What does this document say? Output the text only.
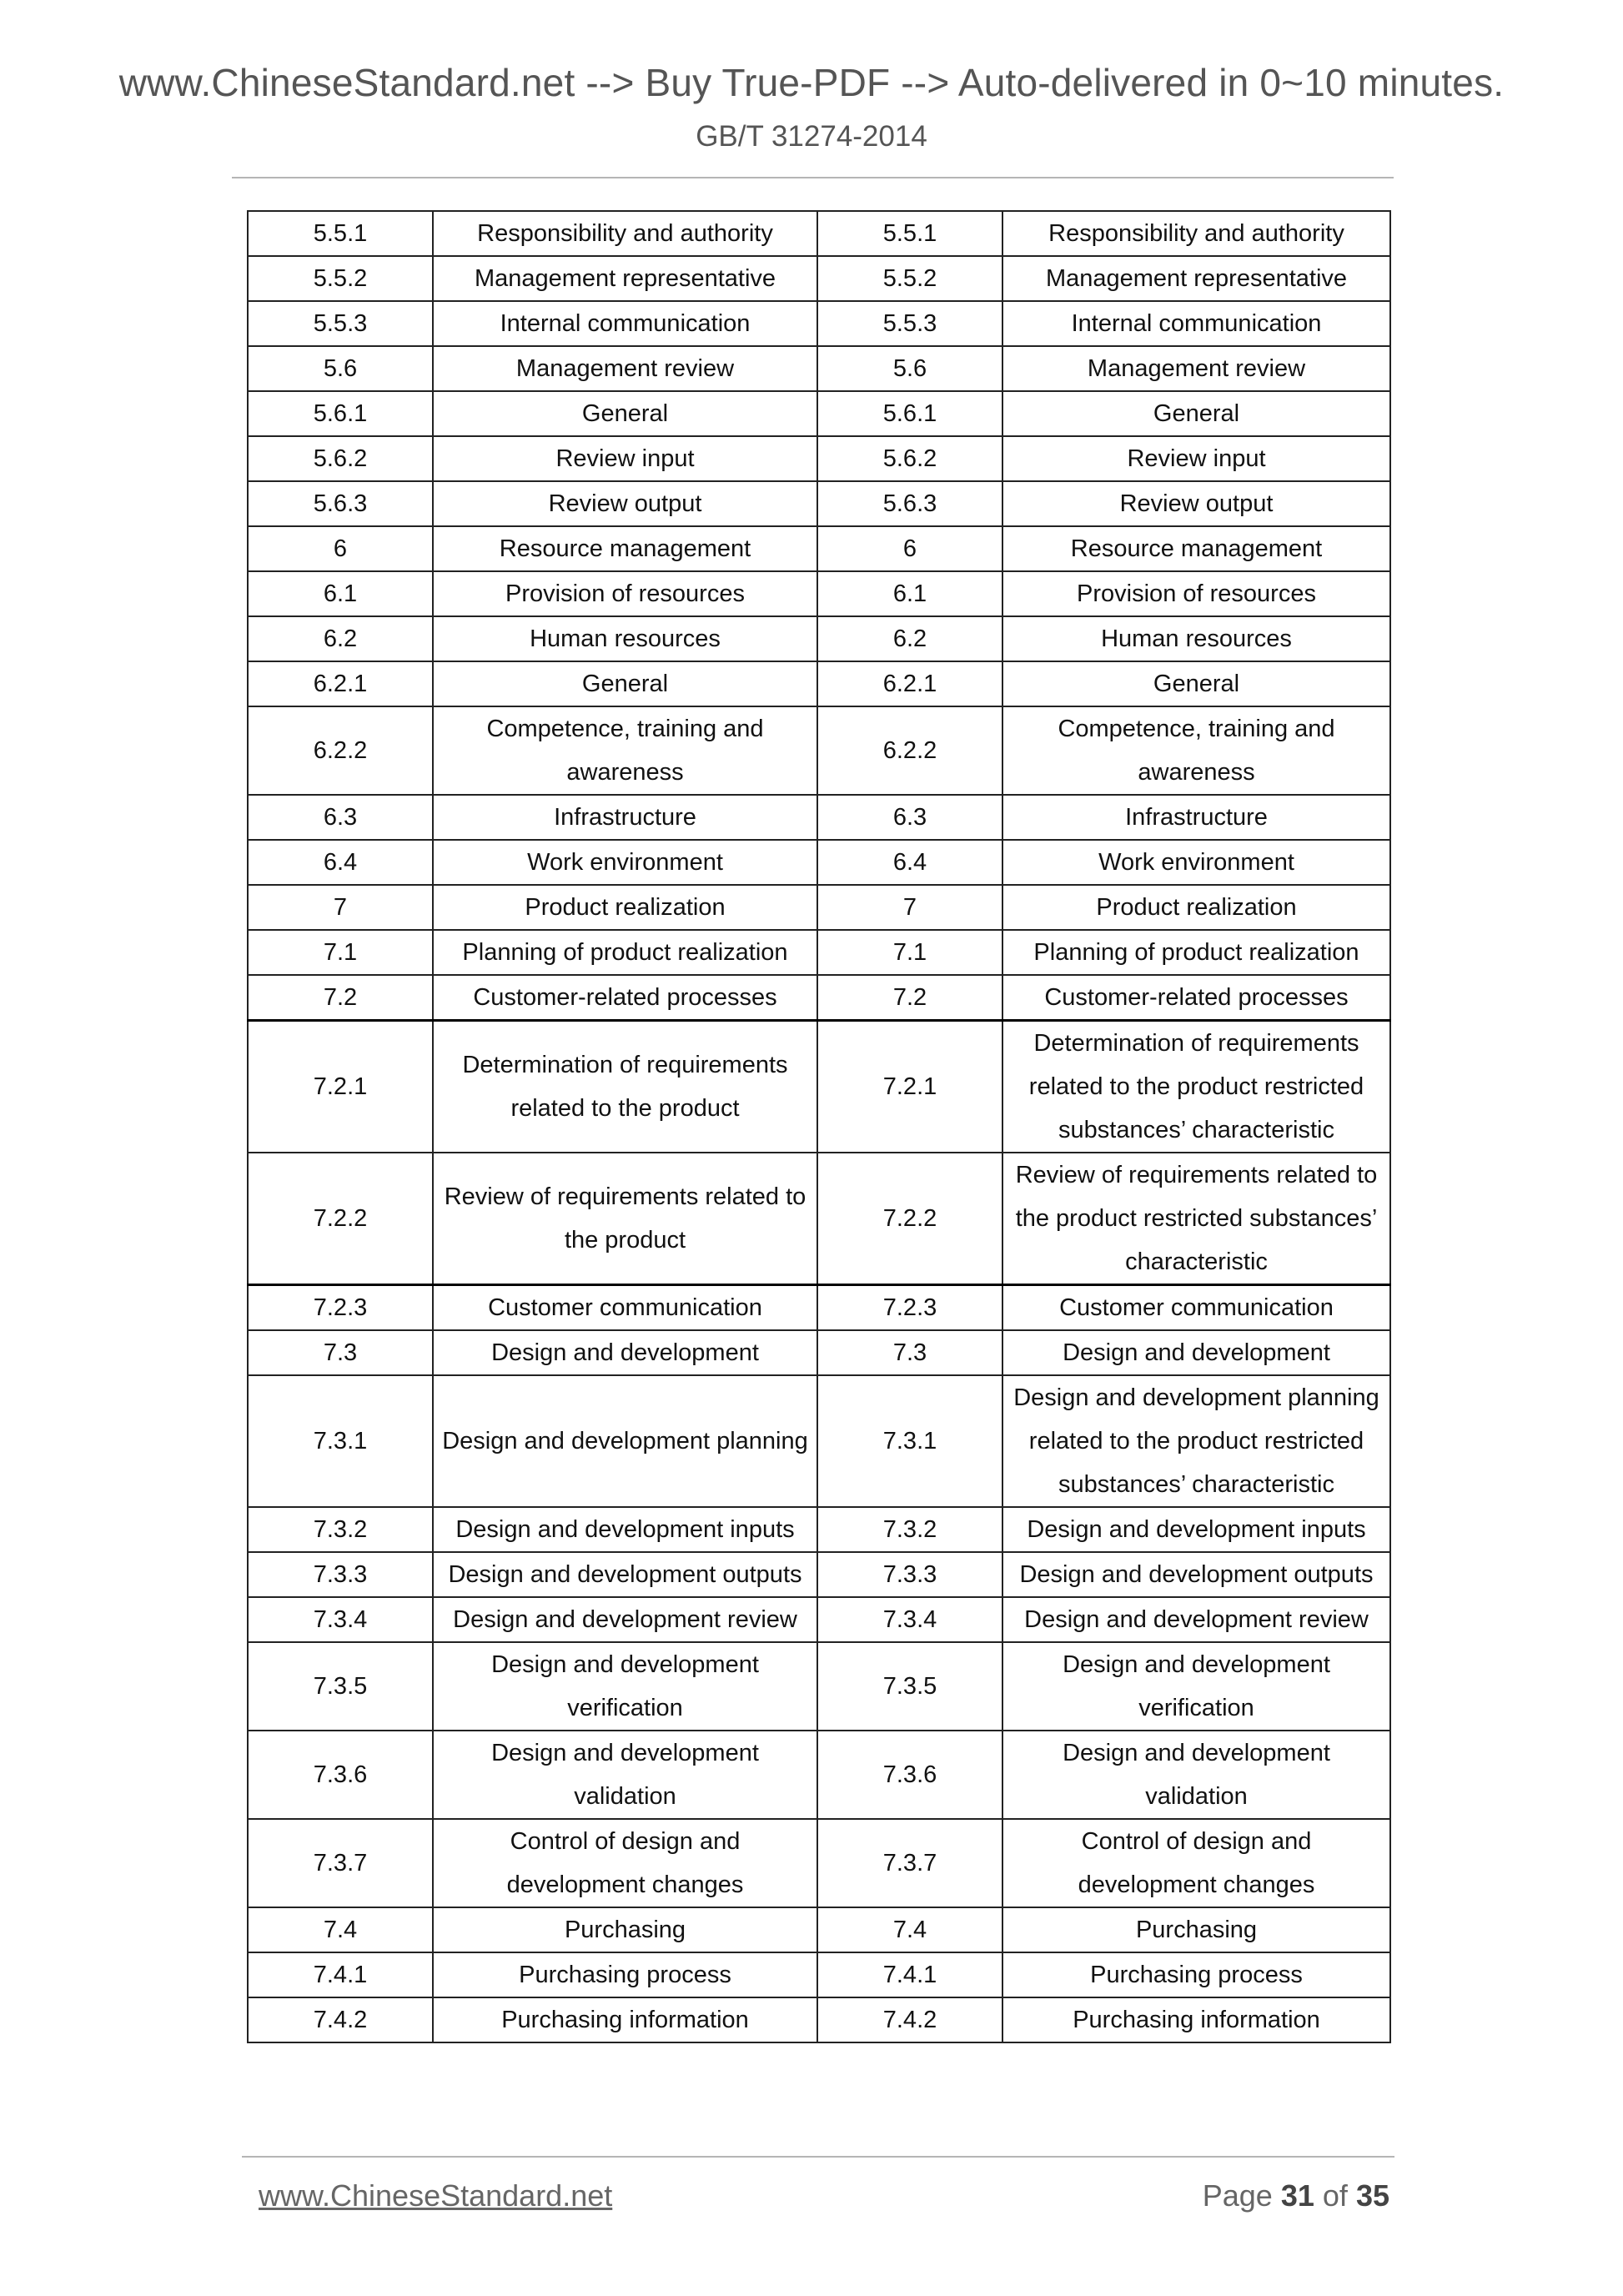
www.ChineseStandard.net --> Buy True-PDF --> Auto-delivered in 0~10 minutes.
GB/T 31274-2014
5.5.1	Responsibility and authority	5.5.1	Responsibility and authority
5.5.2	Management representative	5.5.2	Management representative
5.5.3	Internal communication	5.5.3	Internal communication
5.6	Management review	5.6	Management review
5.6.1	General	5.6.1	General
5.6.2	Review input	5.6.2	Review input
5.6.3	Review output	5.6.3	Review output
6	Resource management	6	Resource management
6.1	Provision of resources	6.1	Provision of resources
6.2	Human resources	6.2	Human resources
6.2.1	General	6.2.1	General
6.2.2	Competence, training and awareness	6.2.2	Competence, training and awareness
6.3	Infrastructure	6.3	Infrastructure
6.4	Work environment	6.4	Work environment
7	Product realization	7	Product realization
7.1	Planning of product realization	7.1	Planning of product realization
7.2	Customer-related processes	7.2	Customer-related processes
7.2.1	Determination of requirements related to the product	7.2.1	Determination of requirements related to the product restricted substances’ characteristic
7.2.2	Review of requirements related to the product	7.2.2	Review of requirements related to the product restricted substances’ characteristic
7.2.3	Customer communication	7.2.3	Customer communication
7.3	Design and development	7.3	Design and development
7.3.1	Design and development planning	7.3.1	Design and development planning related to the product restricted substances’ characteristic
7.3.2	Design and development inputs	7.3.2	Design and development inputs
7.3.3	Design and development outputs	7.3.3	Design and development outputs
7.3.4	Design and development review	7.3.4	Design and development review
7.3.5	Design and development verification	7.3.5	Design and development verification
7.3.6	Design and development validation	7.3.6	Design and development validation
7.3.7	Control of design and development changes	7.3.7	Control of design and development changes
7.4	Purchasing	7.4	Purchasing
7.4.1	Purchasing process	7.4.1	Purchasing process
7.4.2	Purchasing information	7.4.2	Purchasing information
www.ChineseStandard.net	Page 31 of 35
